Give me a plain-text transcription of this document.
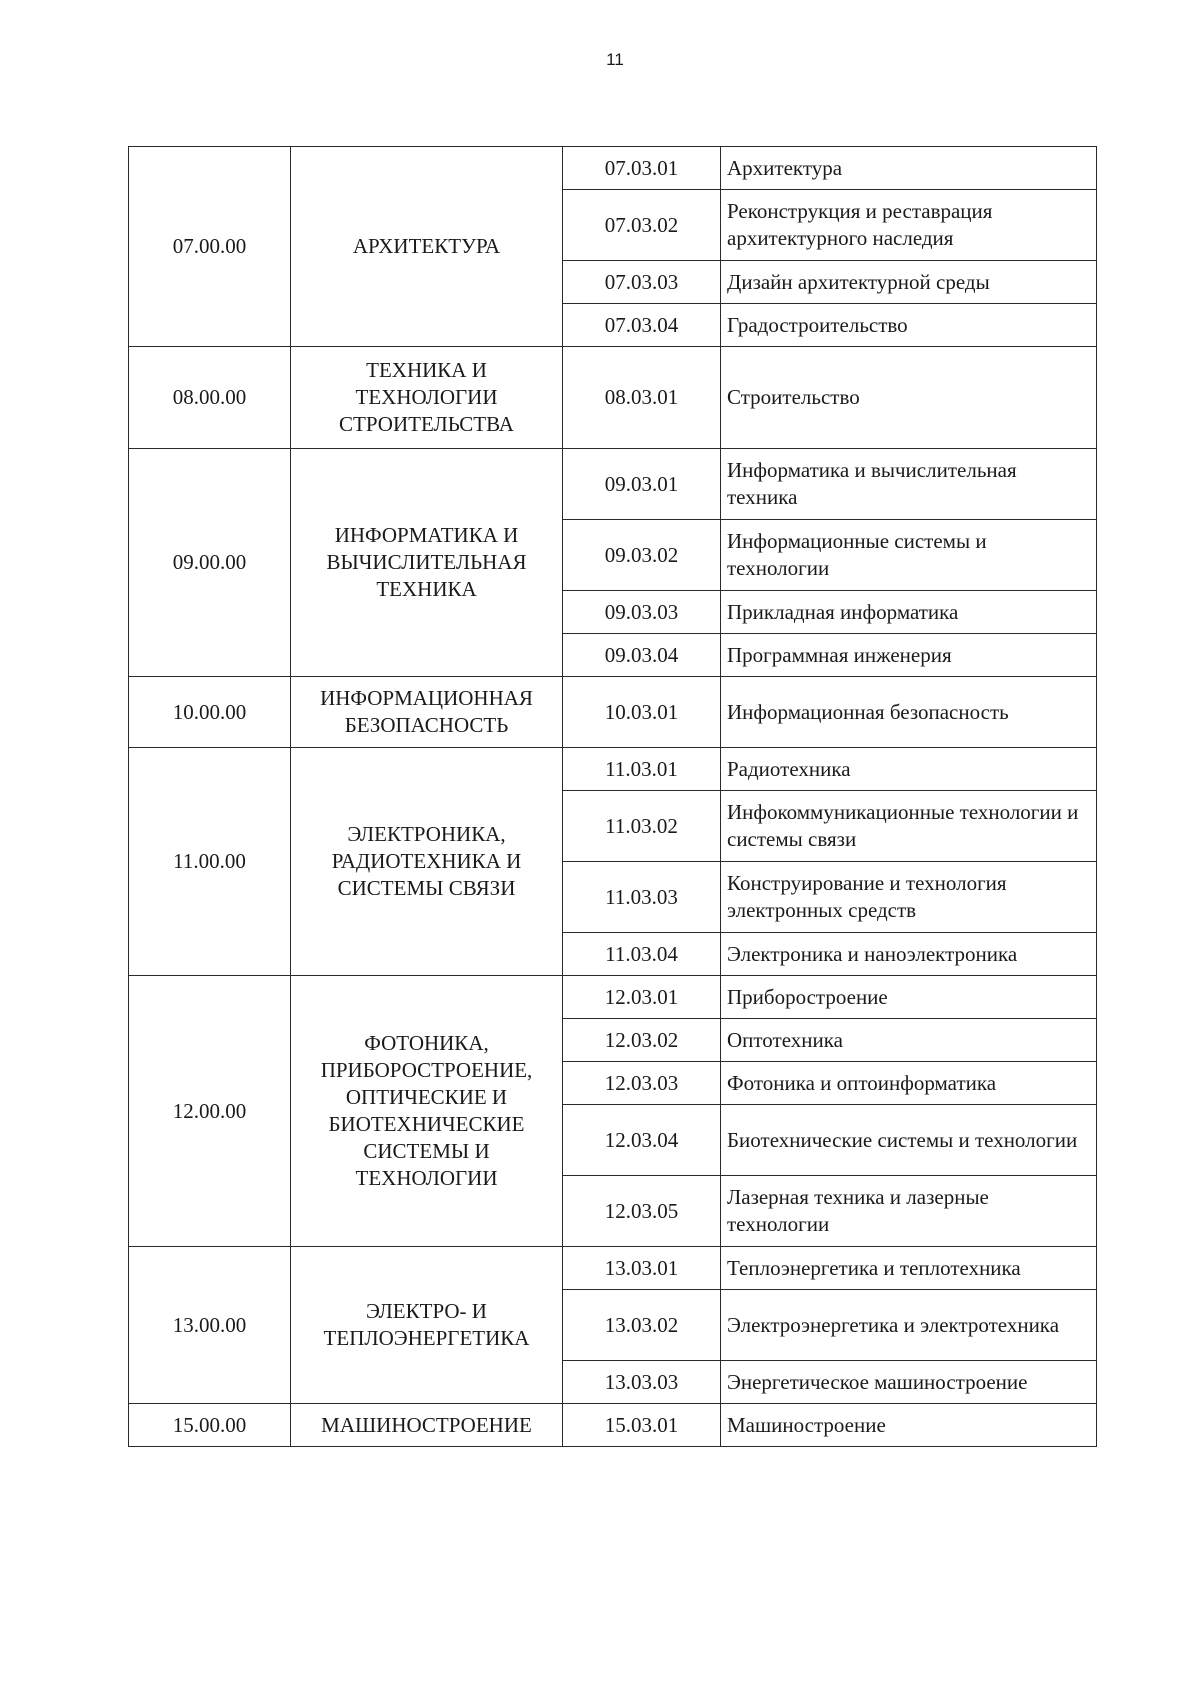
11
07.00.00	АРХИТЕКТУРА	07.03.01	Архитектура
		07.03.02	Реконструкция и реставрация архитектурного наследия
		07.03.03	Дизайн архитектурной среды
		07.03.04	Градостроительство
08.00.00	ТЕХНИКА И ТЕХНОЛОГИИ СТРОИТЕЛЬСТВА	08.03.01	Строительство
09.00.00	ИНФОРМАТИКА И ВЫЧИСЛИТЕЛЬНАЯ ТЕХНИКА	09.03.01	Информатика и вычислительная техника
		09.03.02	Информационные системы и технологии
		09.03.03	Прикладная информатика
		09.03.04	Программная инженерия
10.00.00	ИНФОРМАЦИОННАЯ БЕЗОПАСНОСТЬ	10.03.01	Информационная безопасность
11.00.00	ЭЛЕКТРОНИКА, РАДИОТЕХНИКА И СИСТЕМЫ СВЯЗИ	11.03.01	Радиотехника
		11.03.02	Инфокоммуникационные технологии и системы связи
		11.03.03	Конструирование и технология электронных средств
		11.03.04	Электроника и наноэлектроника
12.00.00	ФОТОНИКА, ПРИБОРОСТРОЕНИЕ, ОПТИЧЕСКИЕ И БИОТЕХНИЧЕСКИЕ СИСТЕМЫ И ТЕХНОЛОГИИ	12.03.01	Приборостроение
		12.03.02	Оптотехника
		12.03.03	Фотоника и оптоинформатика
		12.03.04	Биотехнические системы и технологии
		12.03.05	Лазерная техника и лазерные технологии
13.00.00	ЭЛЕКТРО- И ТЕПЛОЭНЕРГЕТИКА	13.03.01	Теплоэнергетика и теплотехника
		13.03.02	Электроэнергетика и электротехника
		13.03.03	Энергетическое машиностроение
15.00.00	МАШИНОСТРОЕНИЕ	15.03.01	Машиностроение
